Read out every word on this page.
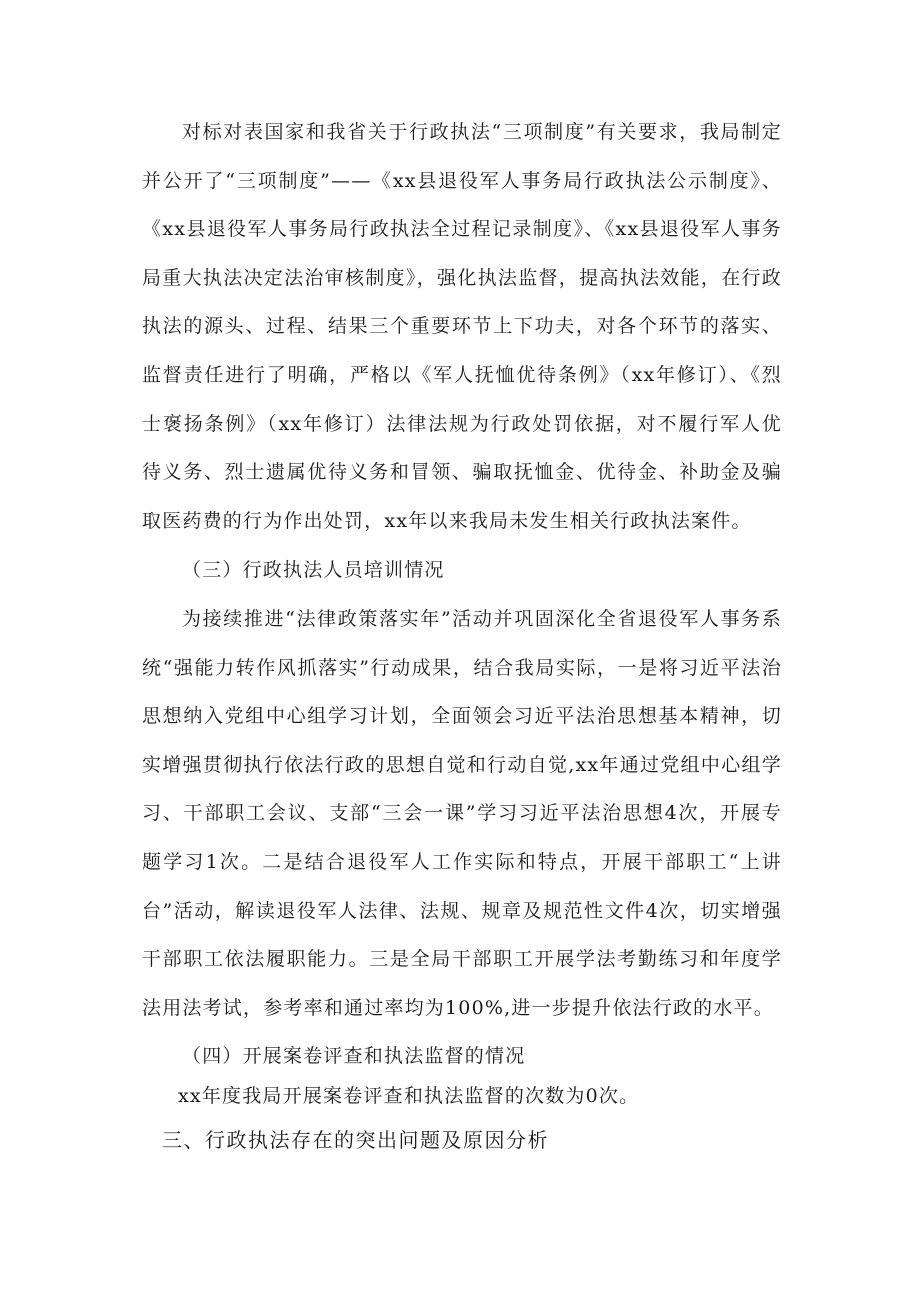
对标对表国家和我省关于行政执法“三项制度”有关要求，我局制定并公开了“三项制度”——《xx县退役军人事务局行政执法公示制度》、《xx县退役军人事务局行政执法全过程记录制度》、《xx县退役军人事务局重大执法决定法治审核制度》，强化执法监督，提高执法效能，在行政执法的源头、过程、结果三个重要环节上下功夫，对各个环节的落实、监督责任进行了明确，严格以《军人抚恤优待条例》（xx年修订）、《烈士褒扬条例》（xx年修订）法律法规为行政处罚依据，对不履行军人优待义务、烈士遗属优待义务和冒领、骗取抚恤金、优待金、补助金及骗取医药费的行为作出处罚，xx年以来我局未发生相关行政执法案件。

（三）行政执法人员培训情况

为接续推进“法律政策落实年”活动并巩固深化全省退役军人事务系统“强能力转作风抓落实”行动成果，结合我局实际，一是将习近平法治思想纳入党组中心组学习计划，全面领会习近平法治思想基本精神，切实增强贯彻执行依法行政的思想自觉和行动自觉,xx年通过党组中心组学习、干部职工会议、支部“三会一课”学习习近平法治思想4次，开展专题学习1次。二是结合退役军人工作实际和特点，开展干部职工“上讲台”活动，解读退役军人法律、法规、规章及规范性文件4次，切实增强干部职工依法履职能力。三是全局干部职工开展学法考勤练习和年度学法用法考试，参考率和通过率均为100%,进一步提升依法行政的水平。

（四）开展案卷评查和执法监督的情况

xx年度我局开展案卷评查和执法监督的次数为0次。

三、行政执法存在的突出问题及原因分析
